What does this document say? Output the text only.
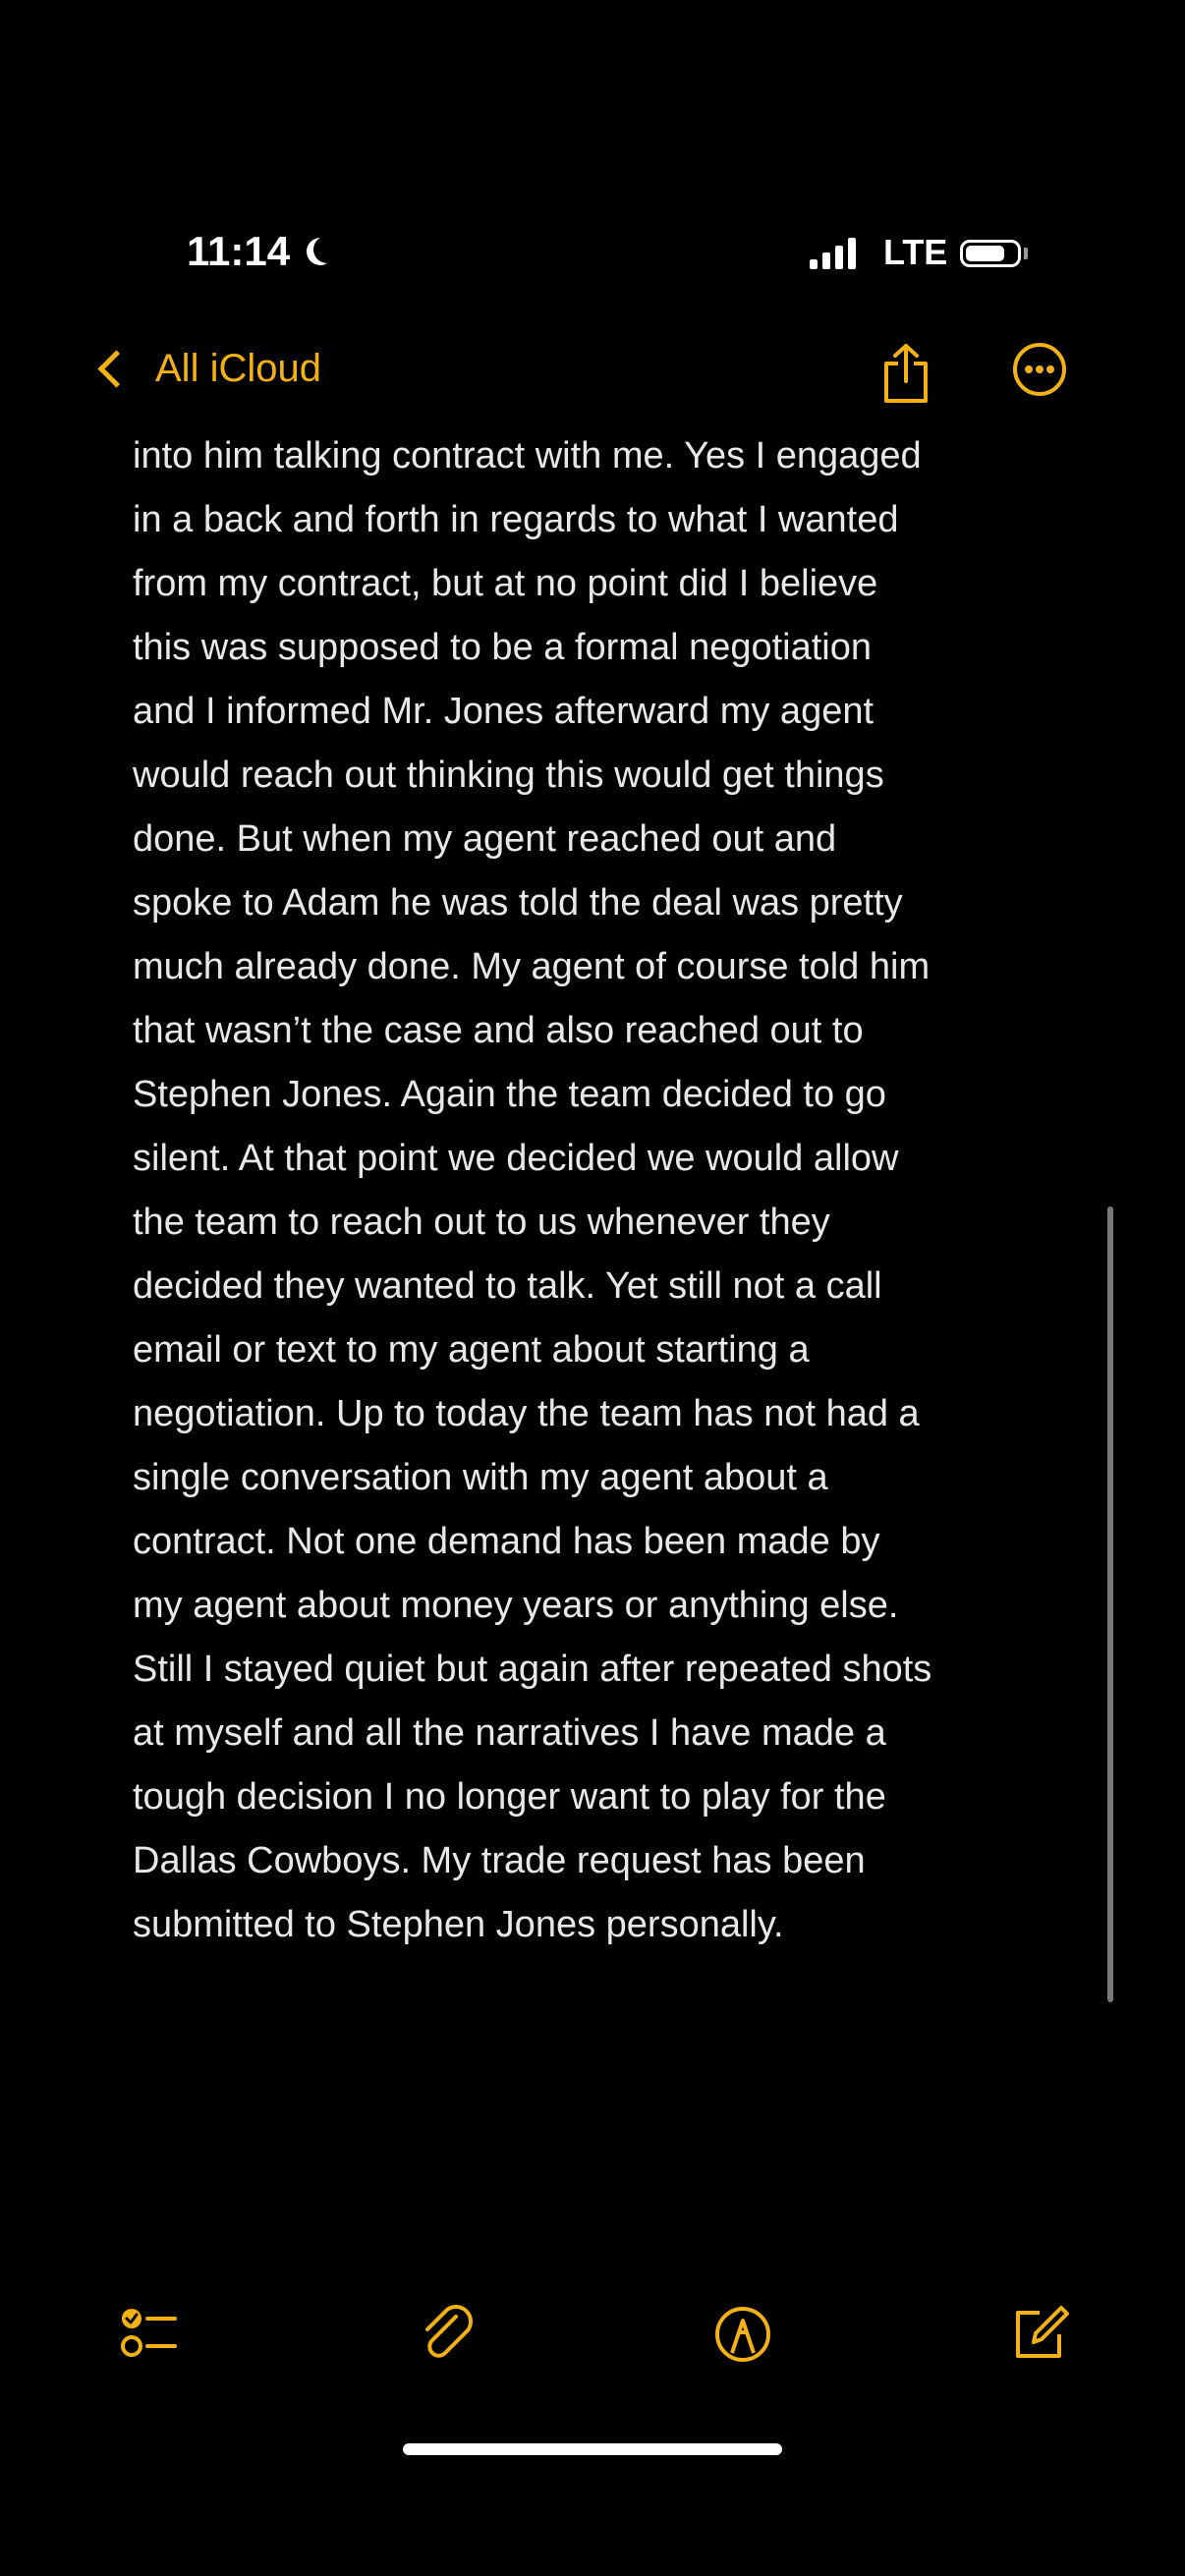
11:14	LTE
All iCloud
into him talking contract with me. Yes I engaged
in a back and forth in regards to what I wanted
from my contract, but at no point did I believe
this was supposed to be a formal negotiation
and I informed Mr. Jones afterward my agent
would reach out thinking this would get things
done. But when my agent reached out and
spoke to Adam he was told the deal was pretty
much already done. My agent of course told him
that wasn’t the case and also reached out to
Stephen Jones. Again the team decided to go
silent. At that point we decided we would allow
the team to reach out to us whenever they
decided they wanted to talk. Yet still not a call
email or text to my agent about starting a
negotiation. Up to today the team has not had a
single conversation with my agent about a
contract. Not one demand has been made by
my agent about money years or anything else.
Still I stayed quiet but again after repeated shots
at myself and all the narratives I have made a
tough decision I no longer want to play for the
Dallas Cowboys. My trade request has been
submitted to Stephen Jones personally.
